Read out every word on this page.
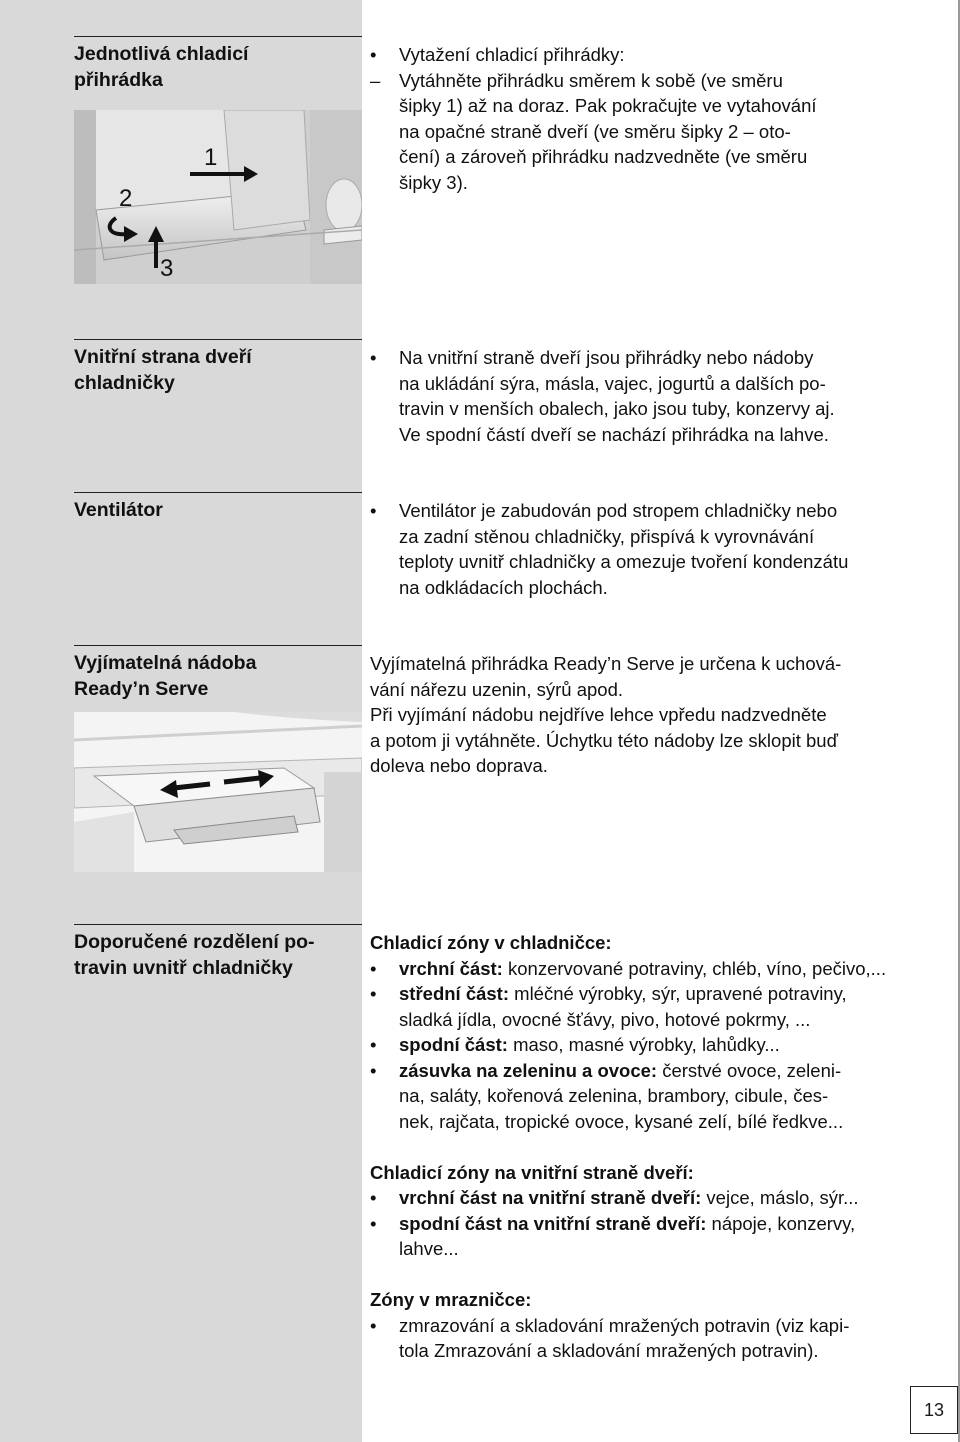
Jednotlivá chladicí
přihrádka
1
2
3
• Vytažení chladicí přihrádky:
– Vytáhněte přihrádku směrem k sobě (ve směru
šipky 1) až na doraz. Pak pokračujte ve vytahování
na opačné straně dveří (ve směru šipky 2 – oto-
čení) a zároveň přihrádku nadzvedněte (ve směru
šipky 3).
Vnitřní strana dveří
chladničky
• Na vnitřní straně dveří jsou přihrádky nebo nádoby
na ukládání sýra, másla, vajec, jogurtů a dalších po-
travin v menších obalech, jako jsou tuby, konzervy aj.
Ve spodní částí dveří se nachází přihrádka na lahve.
Ventilátor
•	Ventilátor je zabudován pod stropem chladničky nebo
za zadní stěnou chladničky, přispívá k vyrovnávání
teploty uvnitř chladničky a omezuje tvoření kondenzátu
na odkládacích plochách.
Vyjímatelná nádoba
Ready’n Serve
Vyjímatelná přihrádka Ready’n Serve je určena k uchová-
vání nářezu uzenin, sýrů apod.
Při vyjímání nádobu nejdříve lehce vpředu nadzvedněte
a potom ji vytáhněte. Úchytku této nádoby lze sklopit buď
doleva nebo doprava.
Doporučené rozdělení po-
travin uvnitř chladničky
Chladicí zóny v chladničce:
• vrchní část: konzervované potraviny, chléb, víno, pečivo,...
• střední část: mléčné výrobky, sýr, upravené potraviny,
sladká jídla, ovocné šťávy, pivo, hotové pokrmy, ...
• spodní část: maso, masné výrobky, lahůdky...
• zásuvka na zeleninu a ovoce: čerstvé ovoce, zeleni-
na, saláty, kořenová zelenina, brambory, cibule, čes-
nek, rajčata, tropické ovoce, kysané zelí, bílé ředkve...
Chladicí zóny na vnitřní straně dveří:
• vrchní část na vnitřní straně dveří: vejce, máslo, sýr...
• spodní část na vnitřní straně dveří: nápoje, konzervy,
lahve...
Zóny v mrazničce:
• zmrazování a skladování mražených potravin (viz kapi-
tola Zmrazování a skladování mražených potravin).
13
